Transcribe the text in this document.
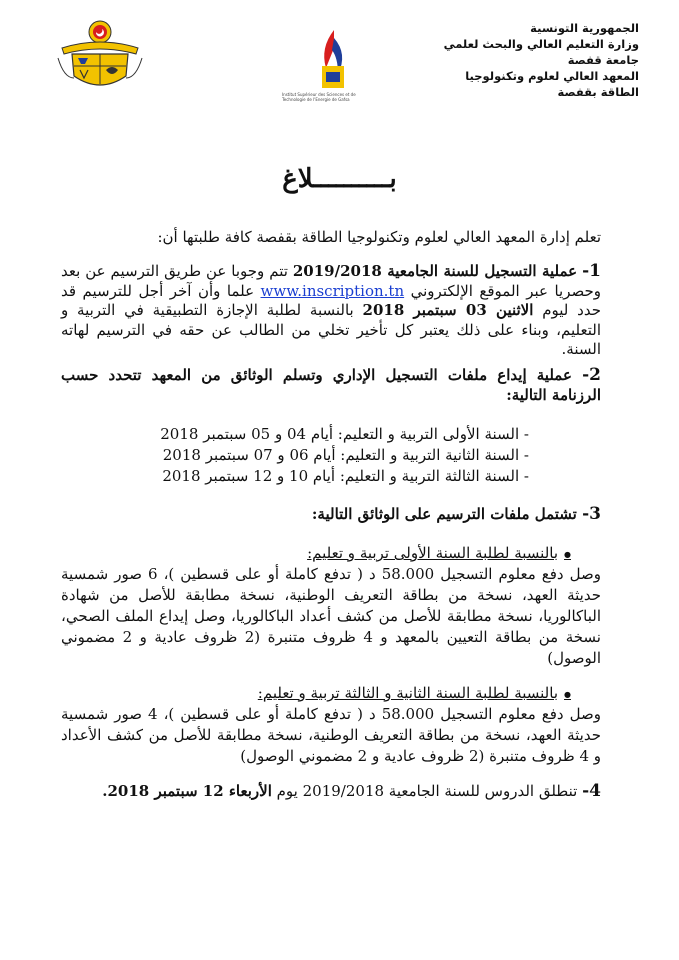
Institut Supérieur des Sciences et de Technologie de l'Energie de Gafsa
الجمهورية التونسية
وزارة التعليم العالي والبحث لعلمي
جامعة قفصة
المعهد العالي لعلوم وتكنولوجيا
الطاقة بقفصة
بــــــــــلاغ
تعلم إدارة المعهد العالي لعلوم وتكنولوجيا الطاقة بقفصة كافة طلبتها أن:
1- عملية التسجيل للسنة الجامعية 2019/2018 تتم وجوبا عن طريق الترسيم عن بعد وحصريا عبر الموقع الإلكتروني www.inscription.tn علما وأن آخر أجل للترسيم قد حدد ليوم الاثنين 03 سبتمبر 2018 بالنسبة لطلبة الإجازة التطبيقية في التربية و التعليم، وبناء على ذلك يعتبر كل تأخير تخلي من الطالب عن حقه في الترسيم لهاته السنة.
2- عملية إيداع ملفات التسجيل الإداري وتسلم الوثائق من المعهد تتحدد حسب الرزنامة التالية:
- السنة الأولى التربية و التعليم: أيام 04 و 05 سبتمبر 2018
- السنة الثانية التربية و التعليم: أيام 06 و 07 سبتمبر 2018
- السنة الثالثة التربية و التعليم: أيام 10 و 12 سبتمبر 2018
3- تشتمل ملفات الترسيم على الوثائق التالية:
● بالنسبة لطلبة السنة الأولى تربية و تعليم:
وصل دفع معلوم التسجيل 58.000 د ( تدفع كاملة أو على قسطين )، 6 صور شمسية حديثة العهد، نسخة من بطاقة التعريف الوطنية، نسخة مطابقة للأصل من شهادة الباكالوريا، نسخة مطابقة للأصل من كشف أعداد الباكالوريا، وصل إيداع الملف الصحي، نسخة من بطاقة التعيين بالمعهد و 4 ظروف متنبرة (2 ظروف عادية و 2 مضموني الوصول)
● بالنسبة لطلبة السنة الثانية و الثالثة تربية و تعليم:
وصل دفع معلوم التسجيل 58.000 د ( تدفع كاملة أو على قسطين )، 4 صور شمسية حديثة العهد، نسخة من بطاقة التعريف الوطنية، نسخة مطابقة للأصل من كشف الأعداد و 4 ظروف متنبرة (2 ظروف عادية و 2 مضموني الوصول)
4- تنطلق الدروس للسنة الجامعية 2019/2018 يوم الأربعاء 12 سبتمبر 2018.
